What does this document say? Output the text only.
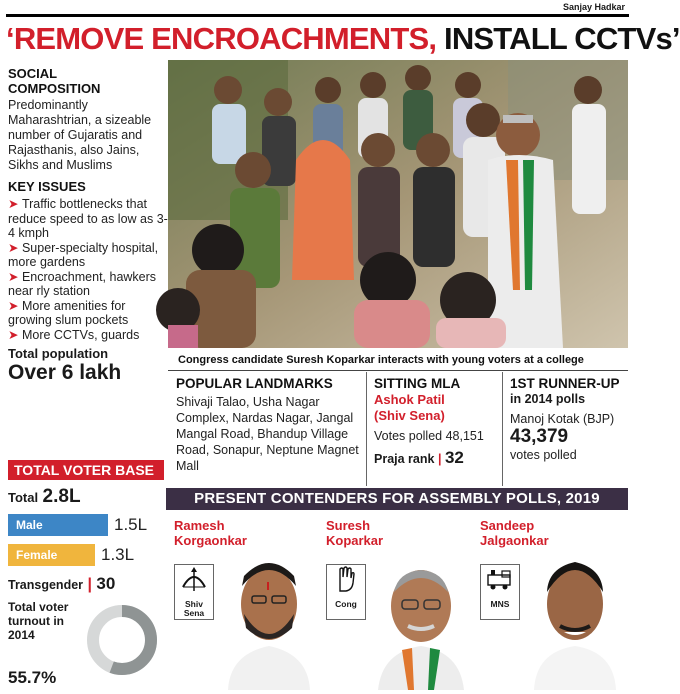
Sanjay Hadkar
‘REMOVE ENCROACHMENTS, INSTALL CCTVs’
SOCIAL
COMPOSITION
Predominantly Maharashtrian, a sizeable number of Gujaratis and Rajasthanis, also Jains, Sikhs and Muslims
KEY ISSUES
➤ Traffic bottlenecks that reduce speed to as low as 3-4 kmph
➤ Super-specialty hospital, more gardens
➤ Encroachment, hawkers near rly station
➤ More amenities for growing slum pockets
➤ More CCTVs, guards
Total population
Over 6 lakh
Congress candidate Suresh Koparkar interacts with young voters at a college
POPULAR LANDMARKS
Shivaji Talao, Usha Nagar Complex, Nardas Nagar, Jangal Mangal Road, Bhandup Village Road, Sonapur, Neptune Magnet Mall
SITTING MLA
Ashok Patil
(Shiv Sena)
Votes polled 48,151
Praja rank | 32
1ST RUNNER-UP
in 2014 polls
Manoj Kotak (BJP)
43,379
votes polled
TOTAL VOTER BASE
Total 2.8L
Male	1.5L
Female	1.3L
Transgender | 30
Total voter turnout in 2014
55.7%
PRESENT CONTENDERS FOR ASSEMBLY POLLS, 2019
Ramesh
Korgaonkar
Shiv Sena
Suresh
Koparkar
Cong
Sandeep
Jalgaonkar
MNS
